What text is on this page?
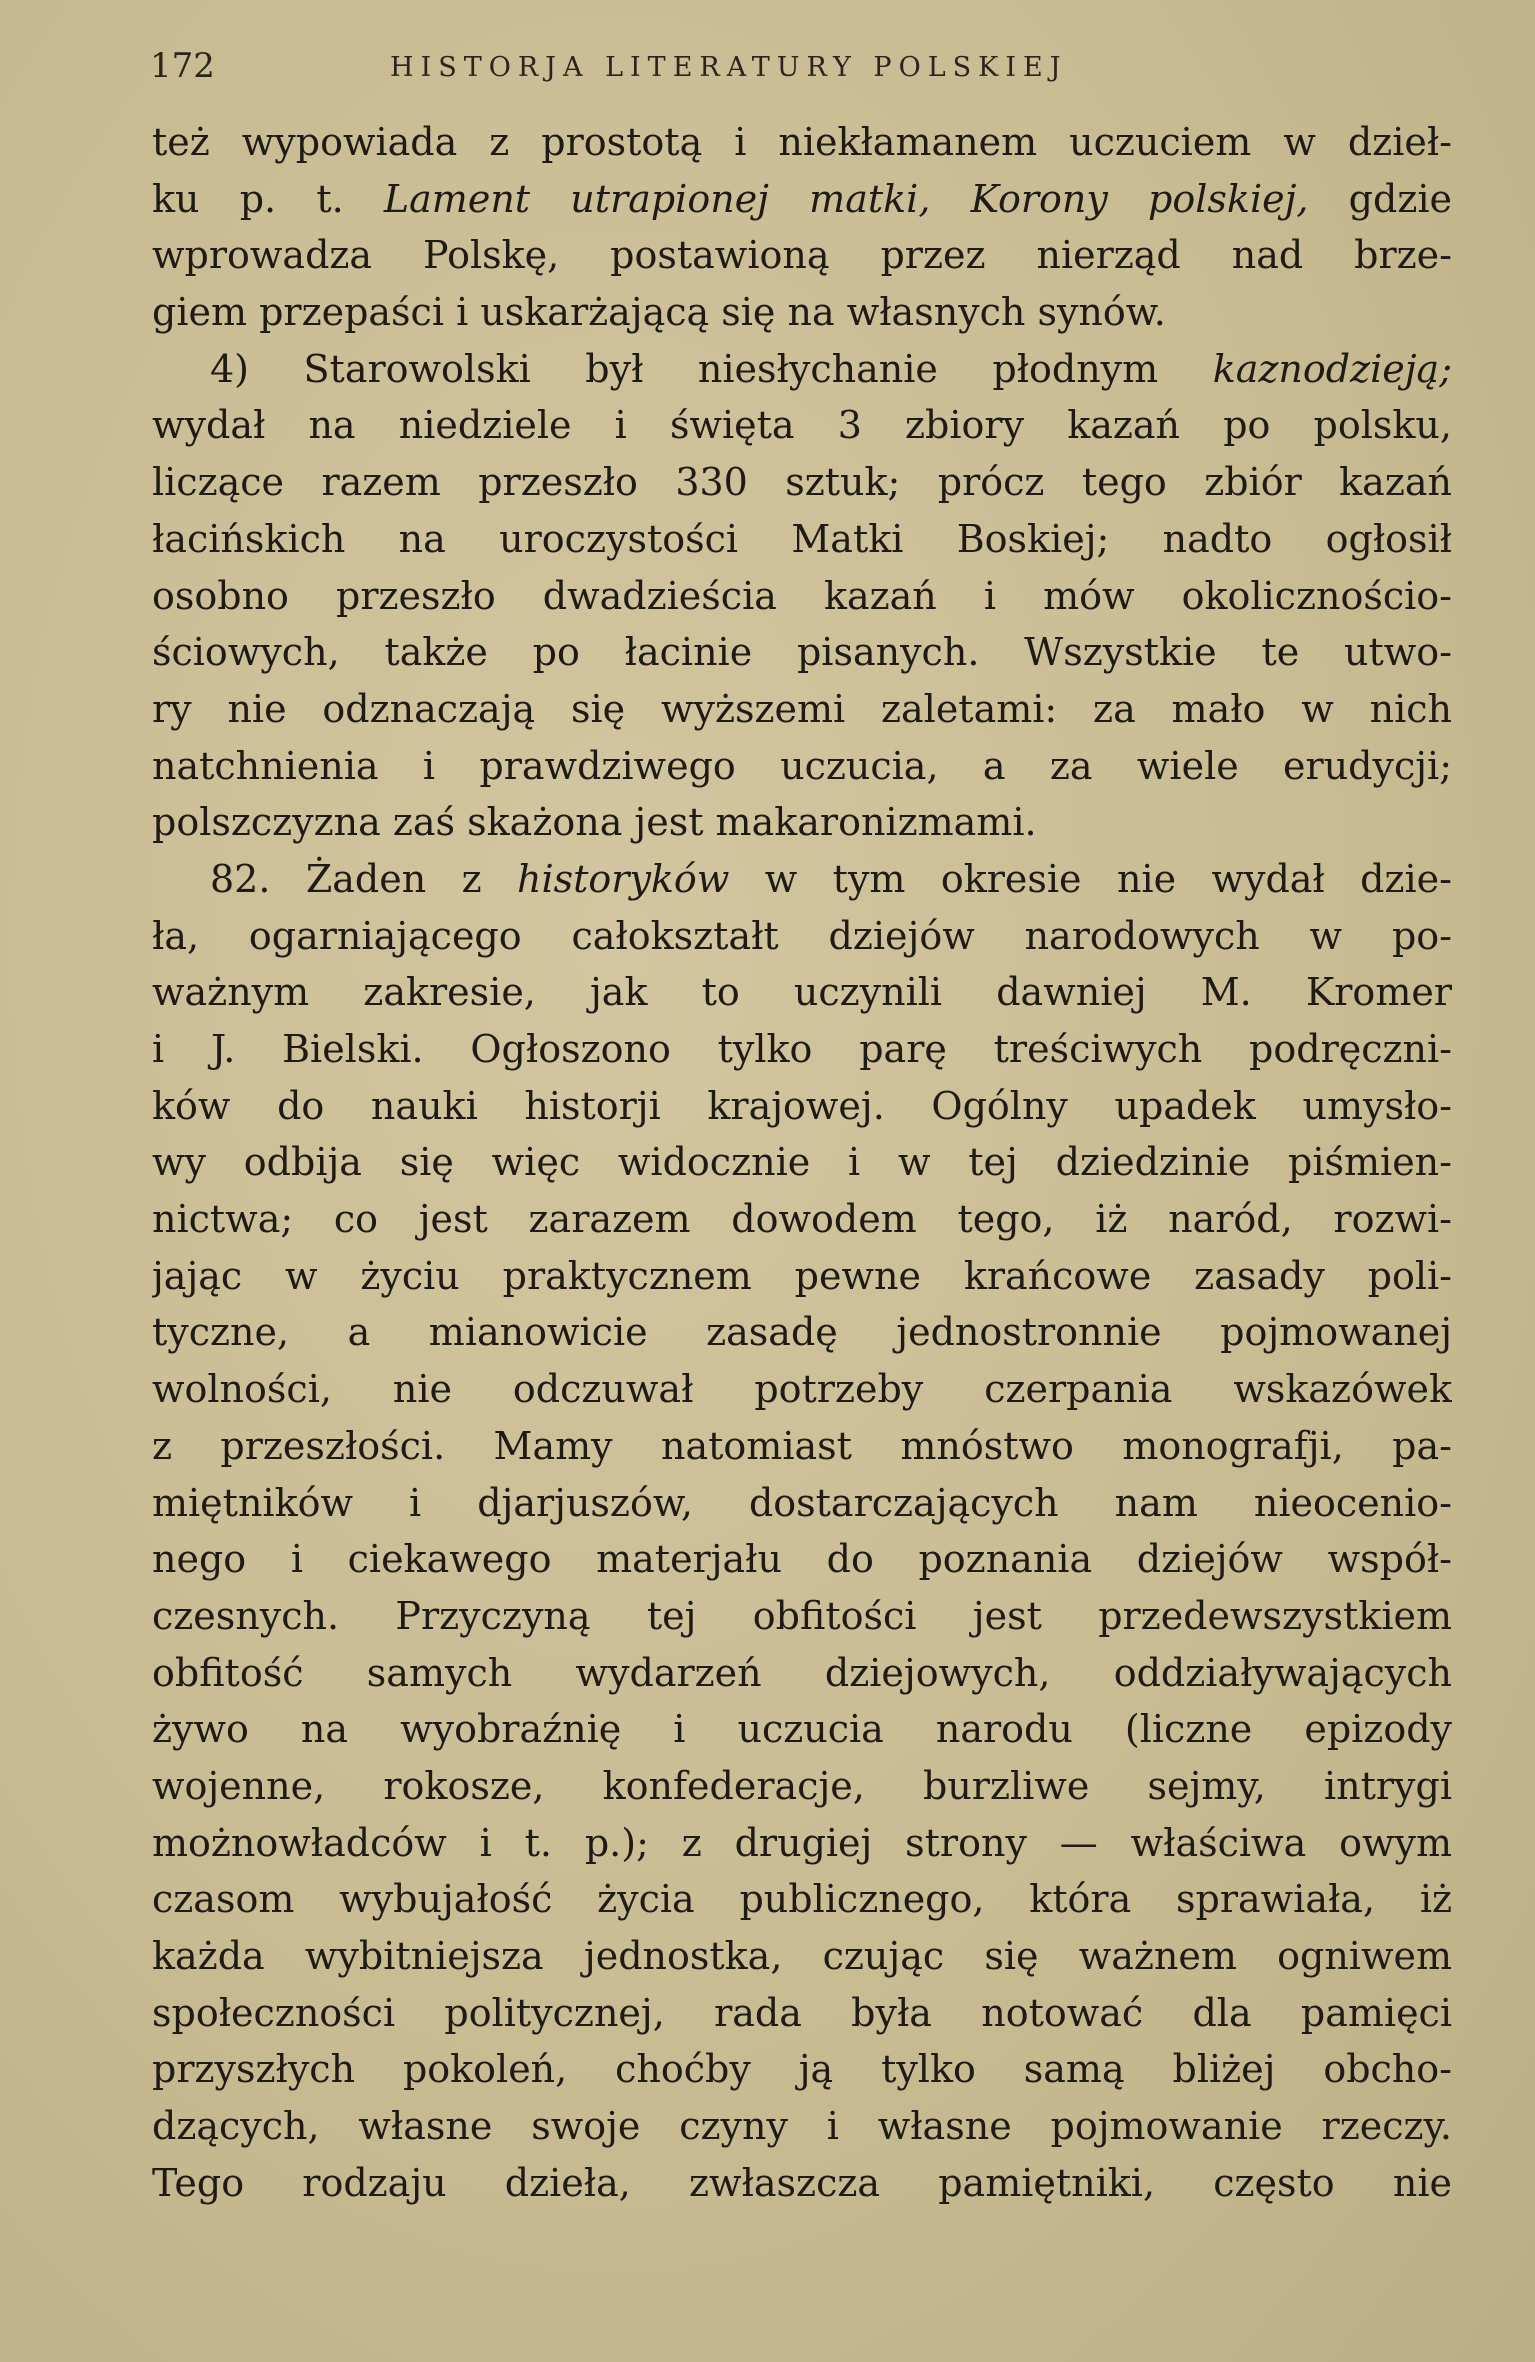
172	HISTORJA LITERATURY POLSKIEJ
też wypowiada z prostotą i niekłamanem uczuciem w dzieł-
ku p. t. Lament utrapionej matki, Korony polskiej, gdzie
wprowadza Polskę, postawioną przez nierząd nad brze-
giem przepaści i uskarżającą się na własnych synów.
4) Starowolski był niesłychanie płodnym kaznodzieją;
wydał na niedziele i święta 3 zbiory kazań po polsku,
liczące razem przeszło 330 sztuk; prócz tego zbiór kazań
łacińskich na uroczystości Matki Boskiej; nadto ogłosił
osobno przeszło dwadzieścia kazań i mów okolicznościo-
ściowych, także po łacinie pisanych. Wszystkie te utwo-
ry nie odznaczają się wyższemi zaletami: za mało w nich
natchnienia i prawdziwego uczucia, a za wiele erudycji;
polszczyzna zaś skażona jest makaronizmami.
82. Żaden z historyków w tym okresie nie wydał dzie-
ła, ogarniającego całokształt dziejów narodowych w po-
ważnym zakresie, jak to uczynili dawniej M. Kromer
i J. Bielski. Ogłoszono tylko parę treściwych podręczni-
ków do nauki historji krajowej. Ogólny upadek umysło-
wy odbija się więc widocznie i w tej dziedzinie piśmien-
nictwa; co jest zarazem dowodem tego, iż naród, rozwi-
jając w życiu praktycznem pewne krańcowe zasady poli-
tyczne, a mianowicie zasadę jednostronnie pojmowanej
wolności, nie odczuwał potrzeby czerpania wskazówek
z przeszłości. Mamy natomiast mnóstwo monografji, pa-
miętników i djarjuszów, dostarczających nam nieocenio-
nego i ciekawego materjału do poznania dziejów współ-
czesnych. Przyczyną tej obfitości jest przedewszystkiem
obfitość samych wydarzeń dziejowych, oddziaływających
żywo na wyobraźnię i uczucia narodu (liczne epizody
wojenne, rokosze, konfederacje, burzliwe sejmy, intrygi
możnowładców i t. p.); z drugiej strony — właściwa owym
czasom wybujałość życia publicznego, która sprawiała, iż
każda wybitniejsza jednostka, czując się ważnem ogniwem
społeczności politycznej, rada była notować dla pamięci
przyszłych pokoleń, choćby ją tylko samą bliżej obcho-
dzących, własne swoje czyny i własne pojmowanie rzeczy.
Tego rodzaju dzieła, zwłaszcza pamiętniki, często nie
